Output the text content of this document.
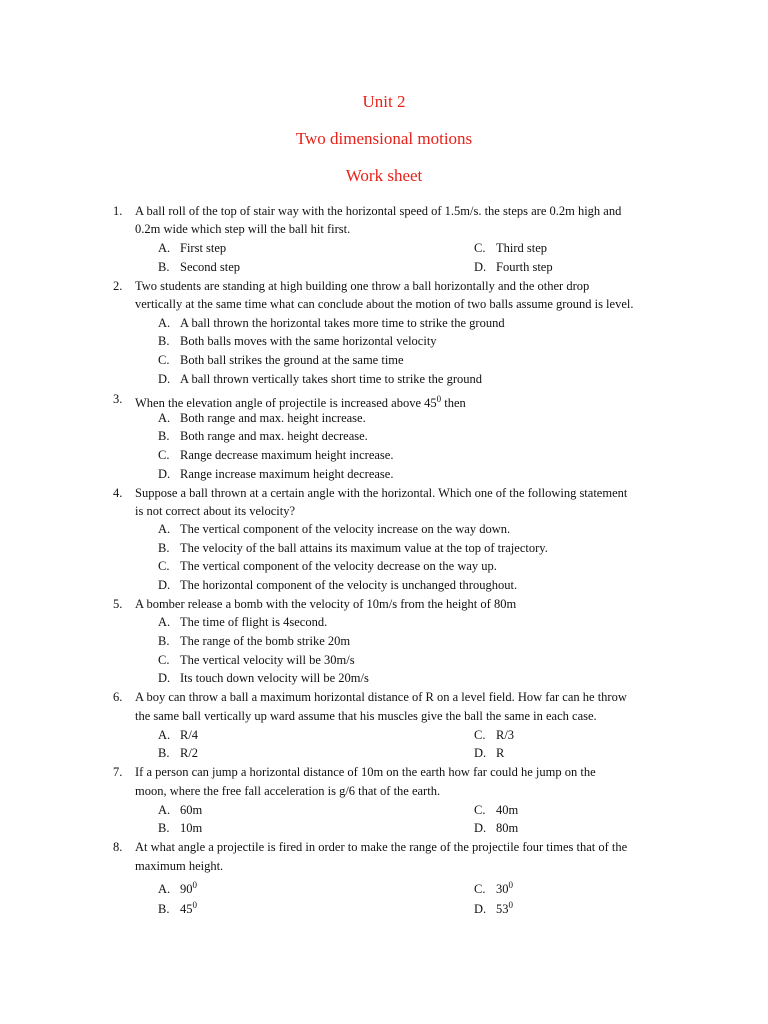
Unit 2
Two dimensional motions
Work sheet
1. A ball roll of the top of stair way with the horizontal speed of 1.5m/s. the steps are 0.2m high and
0.2m wide which step will the ball hit first.
A. First step	C. Third step
B. Second step	D. Fourth step
2. Two students are standing at high building one throw a ball horizontally and the other drop
vertically at the same time what can conclude about the motion of two balls assume ground is level.
A. A ball thrown the horizontal takes more time to strike the ground
B. Both balls moves with the same horizontal velocity
C. Both ball strikes the ground at the same time
D. A ball thrown vertically takes short time to strike the ground
3. When the elevation angle of projectile is increased above $45^0$ then
A. Both range and max. height increase.
B. Both range and max. height decrease.
C. Range decrease maximum height increase.
D. Range increase maximum height decrease.
4. Suppose a ball thrown at a certain angle with the horizontal. Which one of the following statement
is not correct about its velocity?
A. The vertical component of the velocity increase on the way down.
B. The velocity of the ball attains its maximum value at the top of trajectory.
C. The vertical component of the velocity decrease on the way up.
D. The horizontal component of the velocity is unchanged throughout.
5. A bomber release a bomb with the velocity of 10m/s from the height of 80m
A. The time of flight is 4second.
B. The range of the bomb strike 20m
C. The vertical velocity will be 30m/s
D. Its touch down velocity will be 20m/s
6. A boy can throw a ball a maximum horizontal distance of R on a level field. How far can he throw
the same ball vertically up ward assume that his muscles give the ball the same in each case.
A. R/4	C. R/3
B. R/2	D. R
7. If a person can jump a horizontal distance of 10m on the earth how far could he jump on the
moon, where the free fall acceleration is g/6 that of the earth.
A. 60m	C. 40m
B. 10m	D. 80m
8. At what angle a projectile is fired in order to make the range of the projectile four times that of the
maximum height.
A. $90^0$	C. $30^0$
B. $45^0$	D. $53^0$
